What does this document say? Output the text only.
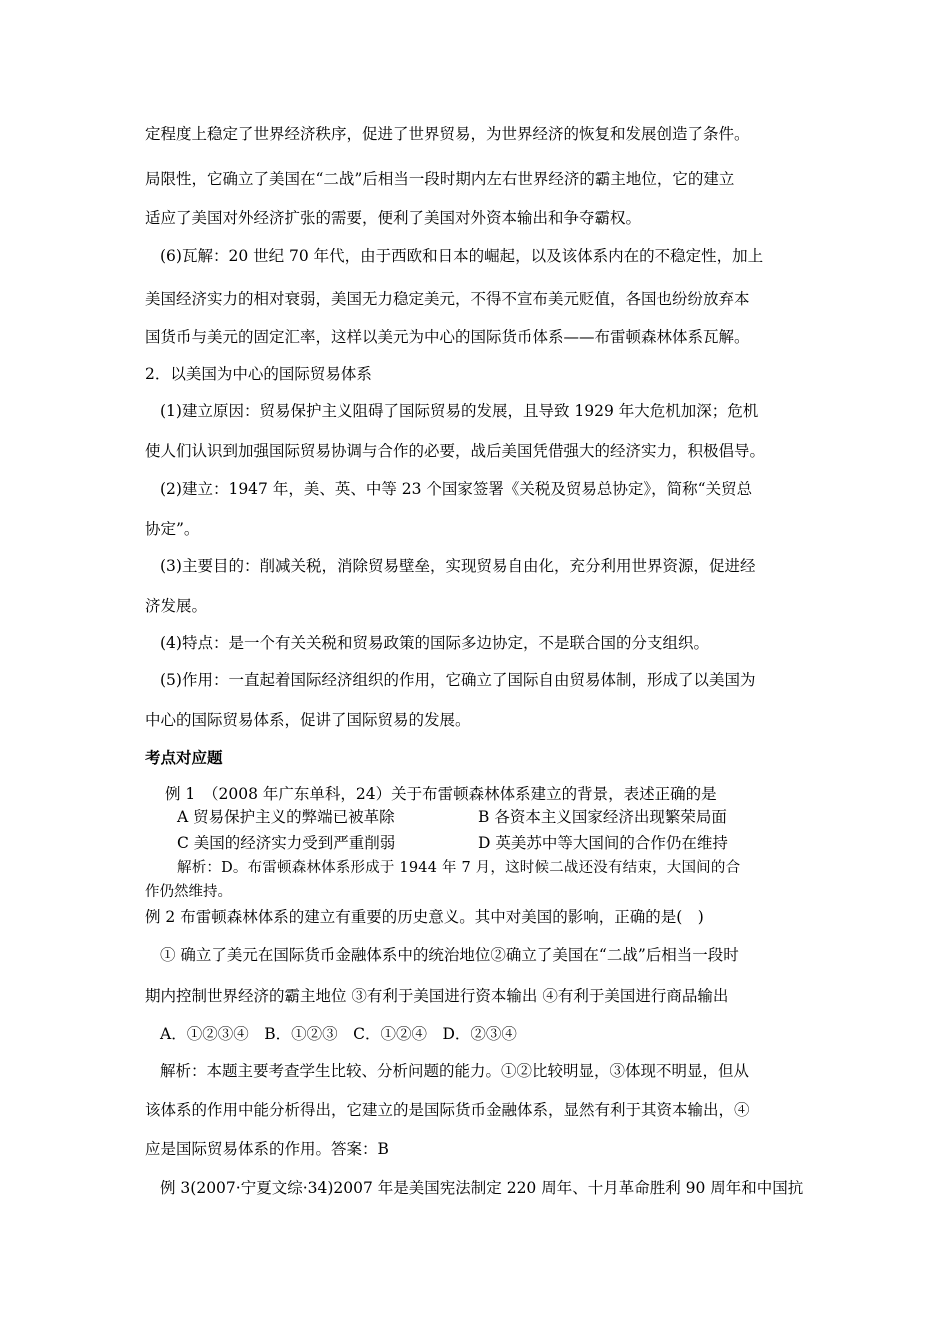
定程度上稳定了世界经济秩序，促进了世界贸易，为世界经济的恢复和发展创造了条件。
局限性，它确立了美国在“二战”后相当一段时期内左右世界经济的霸主地位，它的建立
适应了美国对外经济扩张的需要，便利了美国对外资本输出和争夺霸权。
(6)瓦解：20 世纪 70 年代，由于西欧和日本的崛起，以及该体系内在的不稳定性，加上
美国经济实力的相对衰弱，美国无力稳定美元，不得不宣布美元贬值，各国也纷纷放弃本
国货币与美元的固定汇率，这样以美元为中心的国际货币体系——布雷顿森林体系瓦解。
2．以美国为中心的国际贸易体系
(1)建立原因：贸易保护主义阻碍了国际贸易的发展，且导致 1929 年大危机加深；危机
使人们认识到加强国际贸易协调与合作的必要，战后美国凭借强大的经济实力，积极倡导。
(2)建立：1947 年，美、英、中等 23 个国家签署《关税及贸易总协定》，简称“关贸总
协定”。
(3)主要目的：削减关税，消除贸易壁垒，实现贸易自由化，充分利用世界资源，促进经
济发展。
(4)特点：是一个有关关税和贸易政策的国际多边协定，不是联合国的分支组织。
(5)作用：一直起着国际经济组织的作用，它确立了国际自由贸易体制，形成了以美国为
中心的国际贸易体系，促讲了国际贸易的发展。
考点对应题
例 1　（2008 年广东单科，24）关于布雷顿森林体系建立的背景，表述正确的是
A 贸易保护主义的弊端已被革除	B 各资本主义国家经济出现繁荣局面
C 美国的经济实力受到严重削弱	D 英美苏中等大国间的合作仍在维持
解析：D。布雷顿森林体系形成于 1944 年 7 月，这时候二战还没有结束，大国间的合
作仍然维持。
例 2 布雷顿森林体系的建立有重要的历史意义。其中对美国的影响，正确的是(　)
① 确立了美元在国际货币金融体系中的统治地位②确立了美国在“二战”后相当一段时
期内控制世界经济的霸主地位 ③有利于美国进行资本输出 ④有利于美国进行商品输出
A．①②③④　B．①②③　C．①②④　D．②③④
解析：本题主要考查学生比较、分析问题的能力。①②比较明显，③体现不明显，但从
该体系的作用中能分析得出，它建立的是国际货币金融体系，显然有利于其资本输出，④
应是国际贸易体系的作用。答案：B
例 3(2007·宁夏文综·34)2007 年是美国宪法制定 220 周年、十月革命胜利 90 周年和中国抗
